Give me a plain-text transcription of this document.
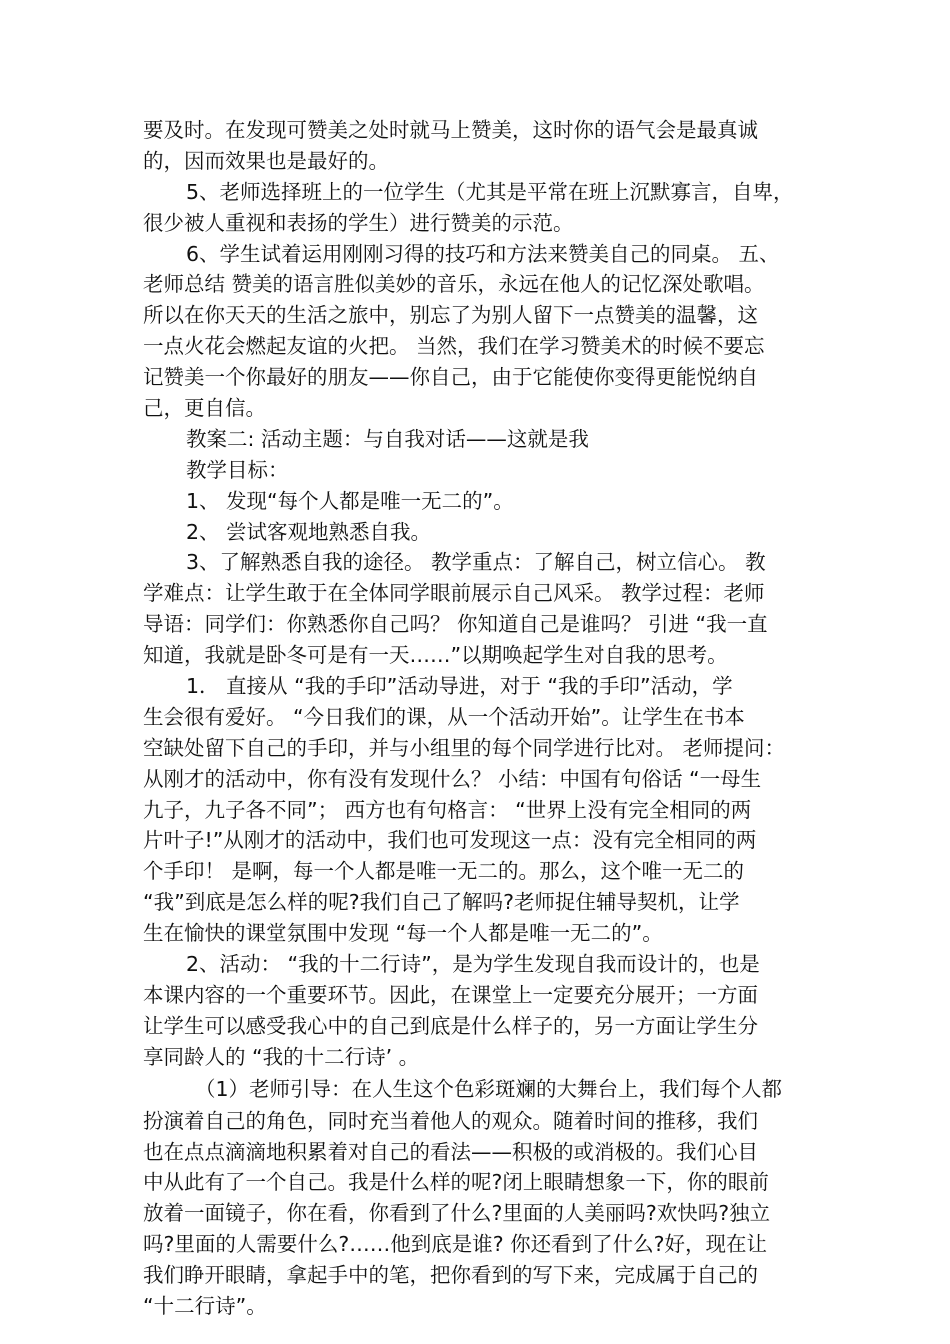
要及时。在发现可赞美之处时就马上赞美，这时你的语气会是最真诚
的，因而效果也是最好的。
5、老师选择班上的一位学生（尤其是平常在班上沉默寡言，自卑，
很少被人重视和表扬的学生）进行赞美的示范。
6、学生试着运用刚刚习得的技巧和方法来赞美自己的同桌。 五、
老师总结 赞美的语言胜似美妙的音乐，永远在他人的记忆深处歌唱。
所以在你天天的生活之旅中，别忘了为别人留下一点赞美的温馨，这
一点火花会燃起友谊的火把。 当然，我们在学习赞美术的时候不要忘
记赞美一个你最好的朋友——你自己，由于它能使你变得更能悦纳自
己，更自信。
教案二: 活动主题：与自我对话——这就是我
教学目标：
1、 发现“每个人都是唯一无二的”。
2、 尝试客观地熟悉自我。
3、了解熟悉自我的途径。 教学重点：了解自己，树立信心。 教
学难点：让学生敢于在全体同学眼前展示自己风采。 教学过程：老师
导语：同学们：你熟悉你自己吗？ 你知道自己是谁吗？ 引进 “我一直
知道，我就是卧冬可是有一天……”以期唤起学生对自我的思考。
1． 直接从 “我的手印”活动导进，对于 “我的手印”活动，学
生会很有爱好。 “今日我们的课，从一个活动开始”。让学生在书本
空缺处留下自己的手印，并与小组里的每个同学进行比对。 老师提问：
从刚才的活动中，你有没有发现什么？ 小结：中国有句俗话 “一母生
九子，九子各不同”； 西方也有句格言： “世界上没有完全相同的两
片叶子!”从刚才的活动中，我们也可发现这一点：没有完全相同的两
个手印！ 是啊，每一个人都是唯一无二的。那么，这个唯一无二的
“我”到底是怎么样的呢?我们自己了解吗?老师捉住辅导契机，让学
生在愉快的课堂氛围中发现 “每一个人都是唯一无二的”。
2、活动： “我的十二行诗”，是为学生发现自我而设计的，也是
本课内容的一个重要环节。因此，在课堂上一定要充分展开；一方面
让学生可以感受我心中的自己到底是什么样子的，另一方面让学生分
享同龄人的 “我的十二行诗’ 。
（1）老师引导：在人生这个色彩斑斓的大舞台上，我们每个人都
扮演着自己的角色，同时充当着他人的观众。随着时间的推移，我们
也在点点滴滴地积累着对自己的看法——积极的或消极的。我们心目
中从此有了一个自己。我是什么样的呢?闭上眼睛想象一下，你的眼前
放着一面镜子，你在看，你看到了什么?里面的人美丽吗?欢快吗?独立
吗?里面的人需要什么?……他到底是谁? 你还看到了什么?好，现在让
我们睁开眼睛，拿起手中的笔，把你看到的写下来，完成属于自己的
“十二行诗”。
